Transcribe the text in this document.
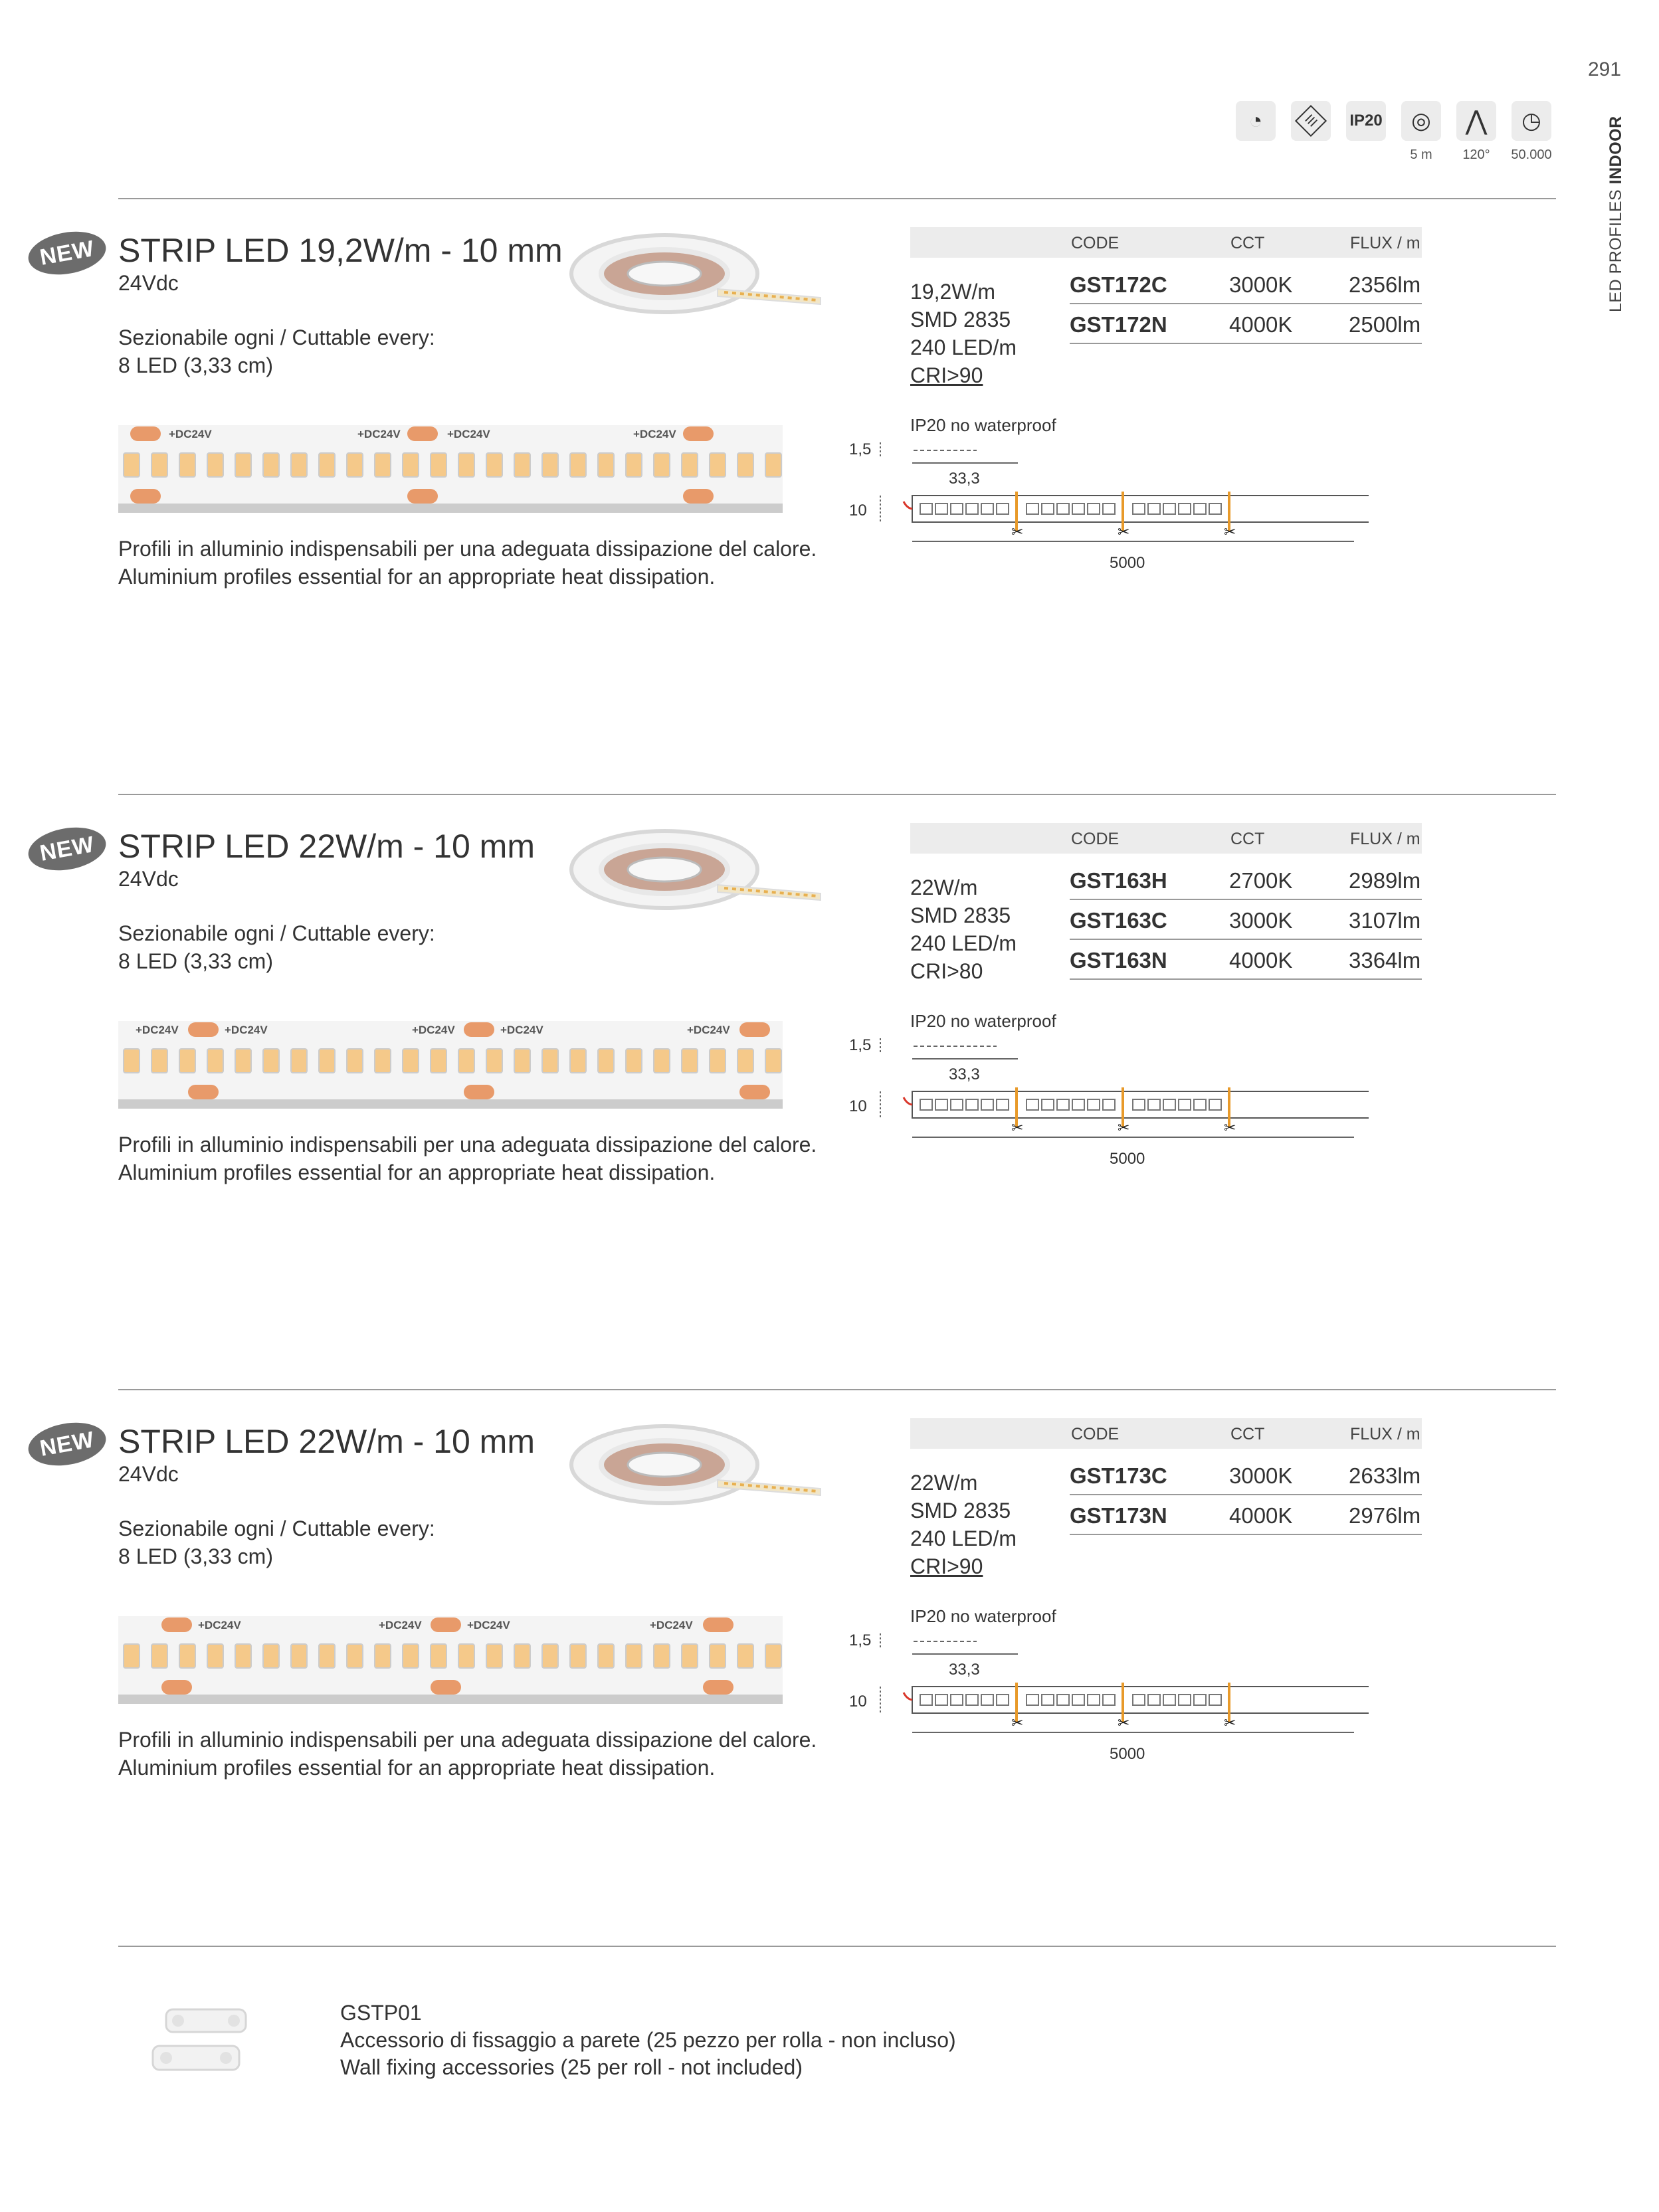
291
LED PROFILES INDOOR
◔	III	IP20 ◎
5 m
⋀
120°
◷
50.000
NEW STRIP LED 19,2W/m - 10 mm
24Vdc
Sezionabile ogni / Cuttable every:
8 LED (3,33 cm)
+DC24V	+DC24V	+DC24V	+DC24V
Profili in alluminio indispensabili per una adeguata dissipazione del calore.
Aluminium profiles essential for an appropriate heat dissipation.
CODE	CCT	FLUX / m
19,2W/m
SMD 2835
240 LED/m
CRI>90
GST172C	3000K	2356lm
GST172N	4000K	2500lm
IP20 no waterproof
✂	✂	✂
1,5
10
33,3
5000
NEW STRIP LED 22W/m - 10 mm
24Vdc
Sezionabile ogni / Cuttable every:
8 LED (3,33 cm)
+DC24V	+DC24V	+DC24V	+DC24V	+DC24V
Profili in alluminio indispensabili per una adeguata dissipazione del calore.
Aluminium profiles essential for an appropriate heat dissipation.
CODE	CCT	FLUX / m
22W/m
SMD 2835
240 LED/m
CRI>80
GST163H	2700K	2989lm
GST163C	3000K	3107lm
GST163N	4000K	3364lm
IP20 no waterproof
✂	✂	✂
1,5
10
33,3
5000
NEW STRIP LED 22W/m - 10 mm
24Vdc
Sezionabile ogni / Cuttable every:
8 LED (3,33 cm)
+DC24V	+DC24V	+DC24V	+DC24V
Profili in alluminio indispensabili per una adeguata dissipazione del calore.
Aluminium profiles essential for an appropriate heat dissipation.
CODE	CCT	FLUX / m
22W/m
SMD 2835
240 LED/m
CRI>90
GST173C	3000K	2633lm
GST173N	4000K	2976lm
IP20 no waterproof
✂	✂	✂
1,5
10
33,3
5000
GSTP01
Accessorio di fissaggio a parete (25 pezzo per rolla - non incluso)
Wall fixing accessories (25 per roll - not included)
